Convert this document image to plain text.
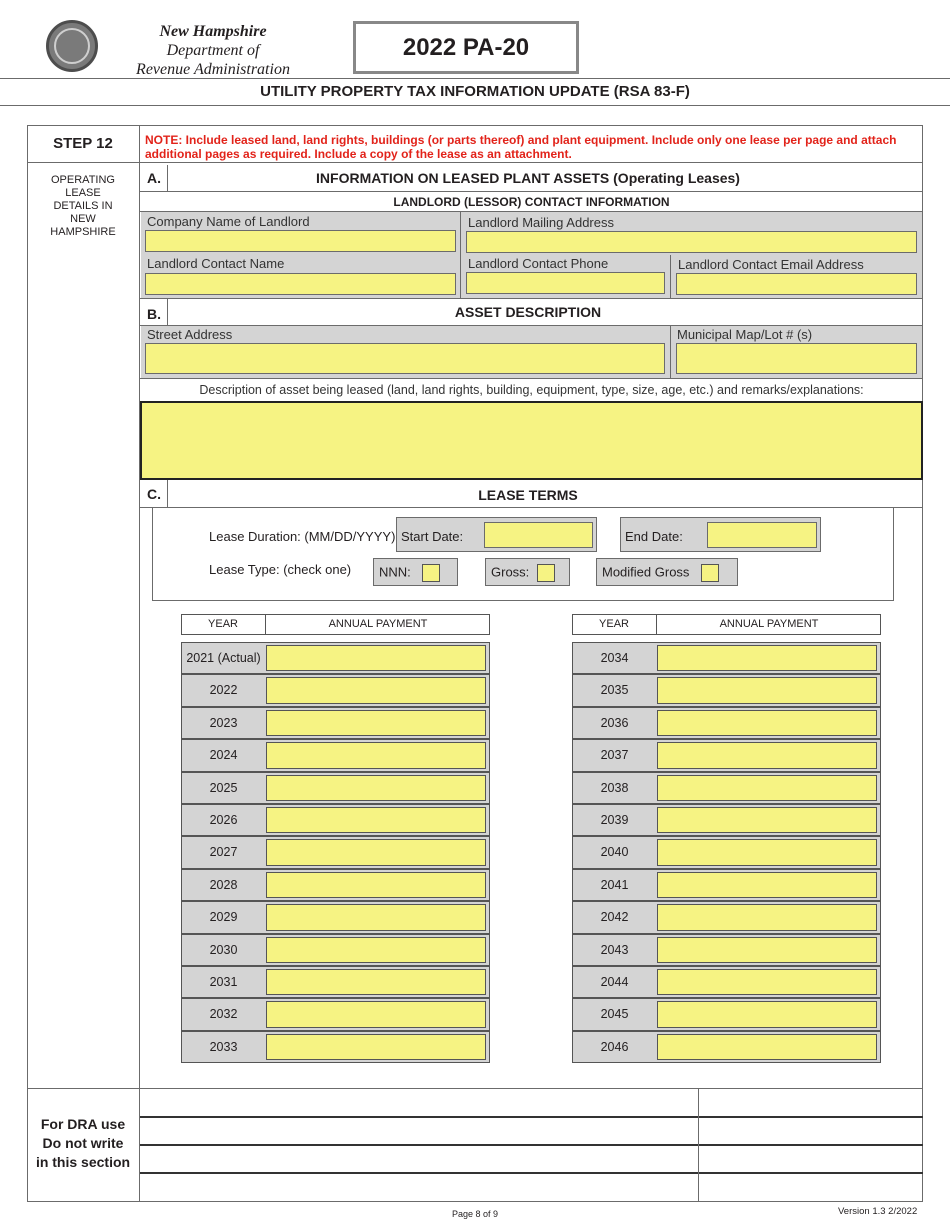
New Hampshire
Department of
Revenue Administration
2022 PA-20
UTILITY PROPERTY TAX INFORMATION UPDATE (RSA 83-F)
STEP 12	NOTE: Include leased land, land rights, buildings (or parts thereof) and plant equipment. Include only one lease per page and attach additional pages as required. Include a copy of the lease as an attachment.
OPERATING LEASE DETAILS IN NEW HAMPSHIRE
A.	INFORMATION ON LEASED PLANT ASSETS (Operating Leases)
LANDLORD (LESSOR) CONTACT INFORMATION
Company Name of Landlord	Landlord Mailing Address
Landlord Contact Name	Landlord Contact Phone	Landlord Contact Email Address
B.	ASSET DESCRIPTION
Street Address	Municipal Map/Lot # (s)
Description of asset being leased (land, land rights, building, equipment, type, size, age, etc.) and remarks/explanations:
C.	LEASE TERMS
Lease Duration: (MM/DD/YYYY) Start Date:	End Date:
Lease Type: (check one)	NNN:	Gross:	Modified Gross
YEAR	ANNUAL PAYMENT
2021 (Actual)
2022
2023
2024
2025
2026
2027
2028
2029
2030
2031
2032
2033
YEAR	ANNUAL PAYMENT
2034
2035
2036
2037
2038
2039
2040
2041
2042
2043
2044
2045
2046
For DRA use
Do not write
in this section
Page 8 of 9	Version 1.3 2/2022
